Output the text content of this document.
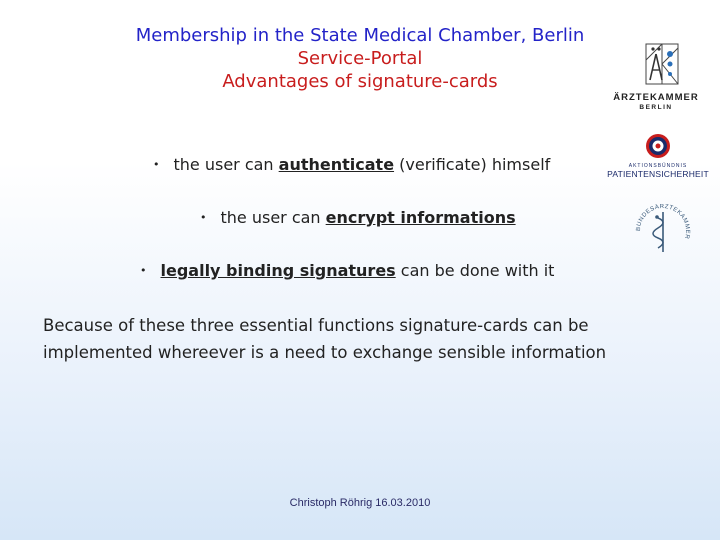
Membership in the State Medical Chamber, Berlin
Service-Portal
Advantages of signature-cards
ÄRZTEKAMMER
BERLIN
AKTIONSBÜNDNIS
PATIENTENSICHERHEIT
BUNDESÄRZTEKAMMER
• the user can authenticate (verificate) himself
• the user can encrypt informations
• legally binding signatures can be done with it
Because of these three essential functions signature-cards can be
implemented whereever is a need to exchange sensible information
Christoph Röhrig 16.03.2010
